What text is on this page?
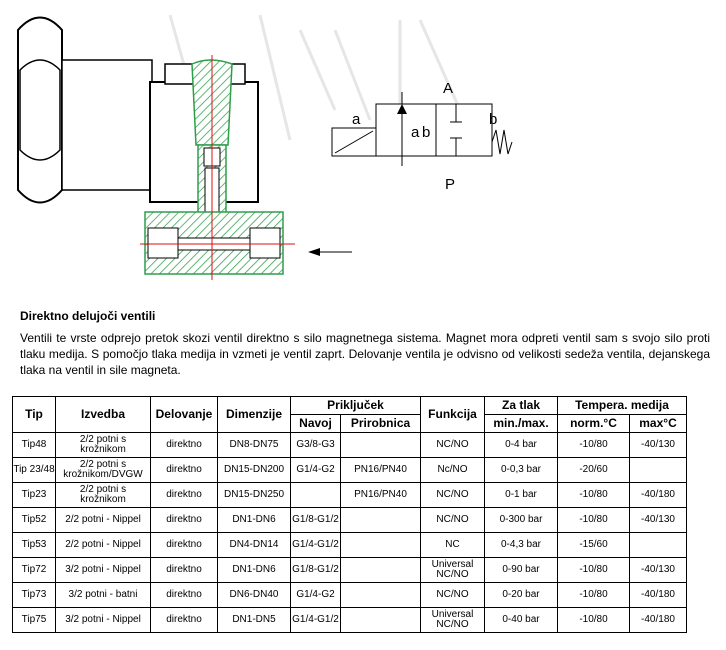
A
P
a	b
a b
Direktno delujoči ventili
Ventili te vrste odprejo pretok skozi ventil direktno s silo magnetnega sistema. Magnet mora odpreti ventil sam s svojo silo proti tlaku medija. S pomočjo tlaka medija in vzmeti je ventil zaprt. Delovanje ventila je odvisno od velikosti sedeža ventila, dejanskega tlaka na ventil in sile magneta.
Tip	Izvedba	Delovanje	Dimenzije	Priključek		Funkcija	Za tlak	Tempera. medija	
				Navoj	Prirobnica		min./max.	norm.°C	max°C
Tip48	2/2 potni s krožnikom	direktno	DN8-DN75	G3/8-G3		NC/NO	0-4 bar	-10/80	-40/130
Tip 23/48	2/2 potni s krožnikom/DVGW	direktno	DN15-DN200	G1/4-G2	PN16/PN40	Nc/NO	0-0,3 bar	-20/60	
Tip23	2/2 potni s krožnikom	direktno	DN15-DN250		PN16/PN40	NC/NO	0-1 bar	-10/80	-40/180
Tip52	2/2 potni - Nippel	direktno	DN1-DN6	G1/8-G1/2		NC/NO	0-300 bar	-10/80	-40/130
Tip53	2/2 potni - Nippel	direktno	DN4-DN14	G1/4-G1/2		NC	0-4,3 bar	-15/60	
Tip72	3/2 potni - Nippel	direktno	DN1-DN6	G1/8-G1/2		Universal NC/NO	0-90 bar	-10/80	-40/130
Tip73	3/2 potni - batni	direktno	DN6-DN40	G1/4-G2		NC/NO	0-20 bar	-10/80	-40/180
Tip75	3/2 potni - Nippel	direktno	DN1-DN5	G1/4-G1/2		Universal NC/NO	0-40 bar	-10/80	-40/180
